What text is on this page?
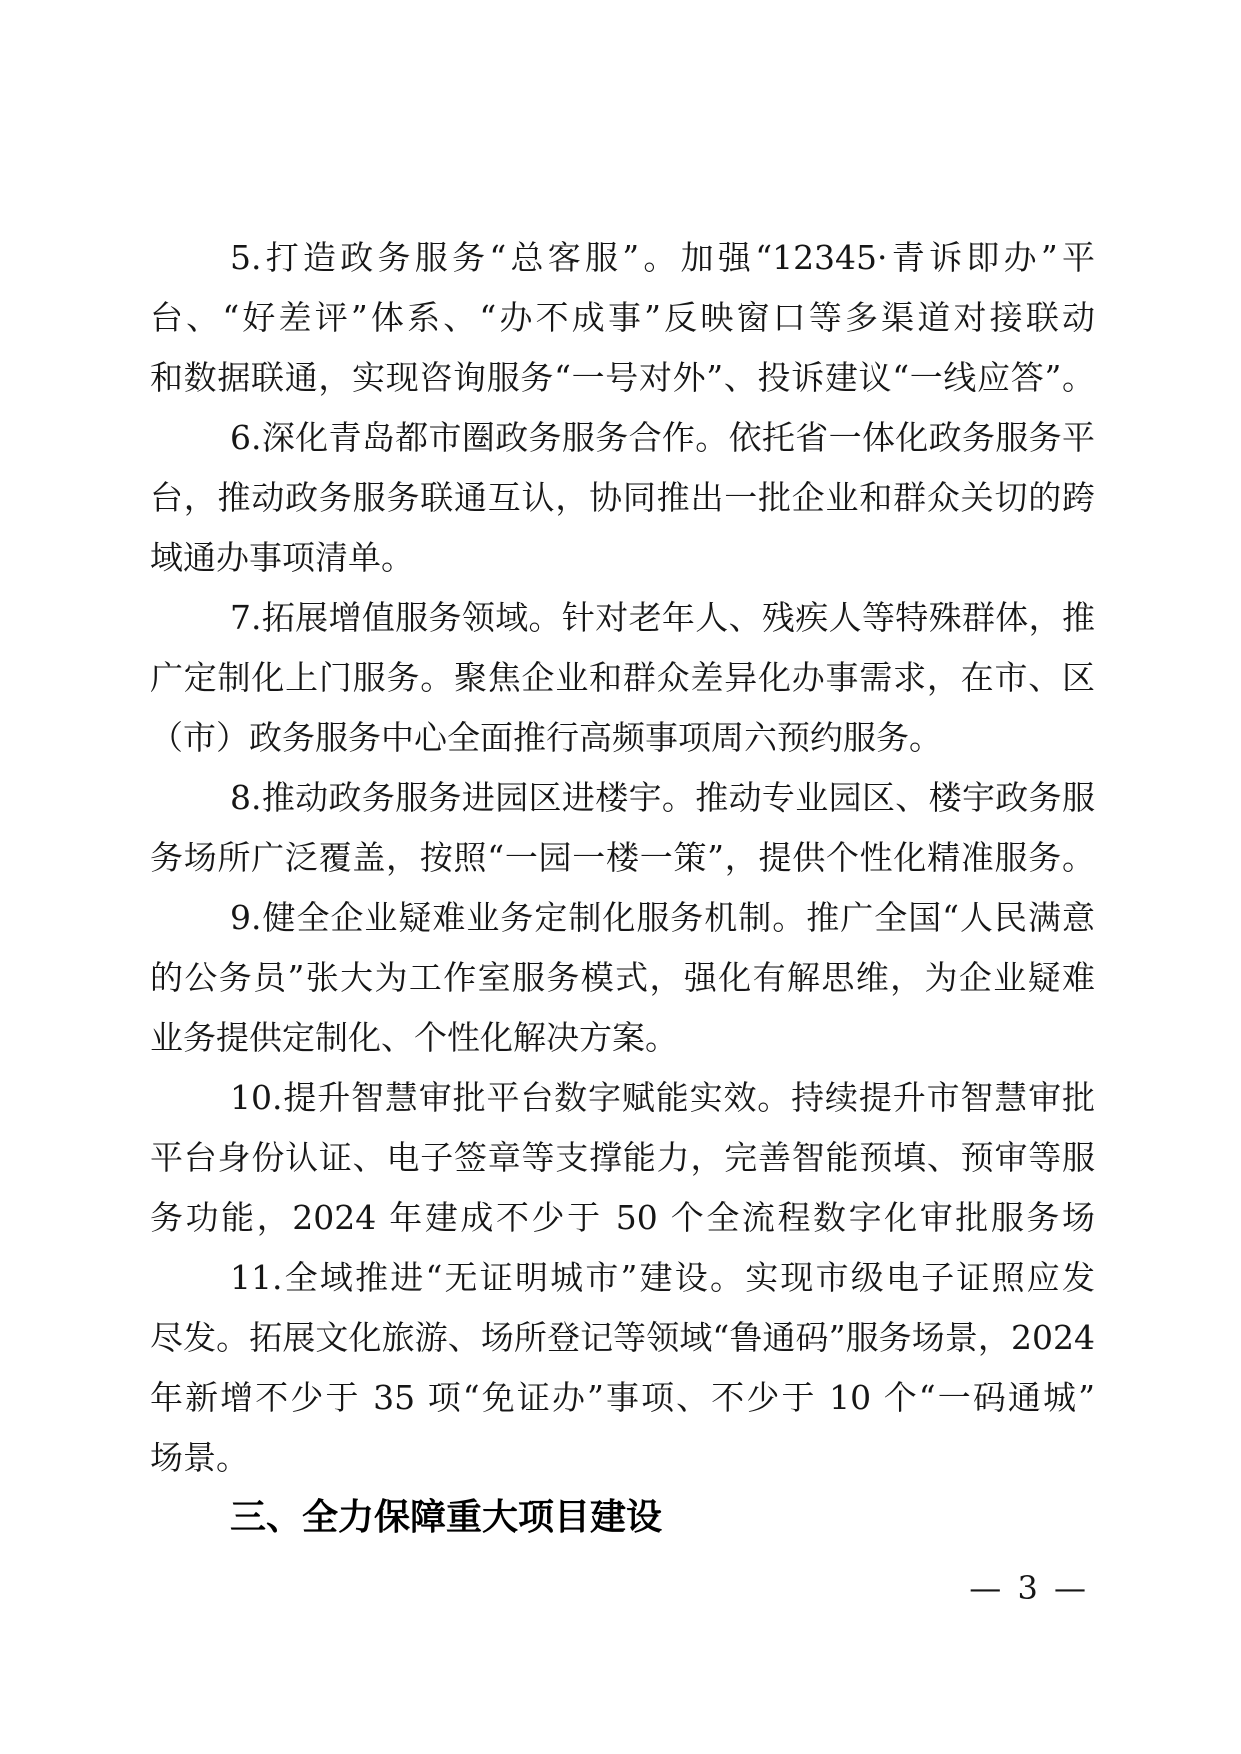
5.打造政务服务“总客服”。加强“12345·青诉即办”平
台、“好差评”体系、“办不成事”反映窗口等多渠道对接联动
和数据联通，实现咨询服务“一号对外”、投诉建议“一线应答”。
6.深化青岛都市圈政务服务合作。依托省一体化政务服务平
台，推动政务服务联通互认，协同推出一批企业和群众关切的跨
域通办事项清单。
7.拓展增值服务领域。针对老年人、残疾人等特殊群体，推
广定制化上门服务。聚焦企业和群众差异化办事需求，在市、区
（市）政务服务中心全面推行高频事项周六预约服务。
8.推动政务服务进园区进楼宇。推动专业园区、楼宇政务服
务场所广泛覆盖，按照“一园一楼一策”，提供个性化精准服务。
9.健全企业疑难业务定制化服务机制。推广全国“人民满意
的公务员”张大为工作室服务模式，强化有解思维，为企业疑难
业务提供定制化、个性化解决方案。
10.提升智慧审批平台数字赋能实效。持续提升市智慧审批
平台身份认证、电子签章等支撑能力，完善智能预填、预审等服
务功能，2024 年建成不少于 50 个全流程数字化审批服务场
11.全域推进“无证明城市”建设。实现市级电子证照应发
尽发。拓展文化旅游、场所登记等领域“鲁通码”服务场景，2024
年新增不少于 35 项“免证办”事项、不少于 10 个“一码通城”
场景。
三、全力保障重大项目建设
— 3 —
